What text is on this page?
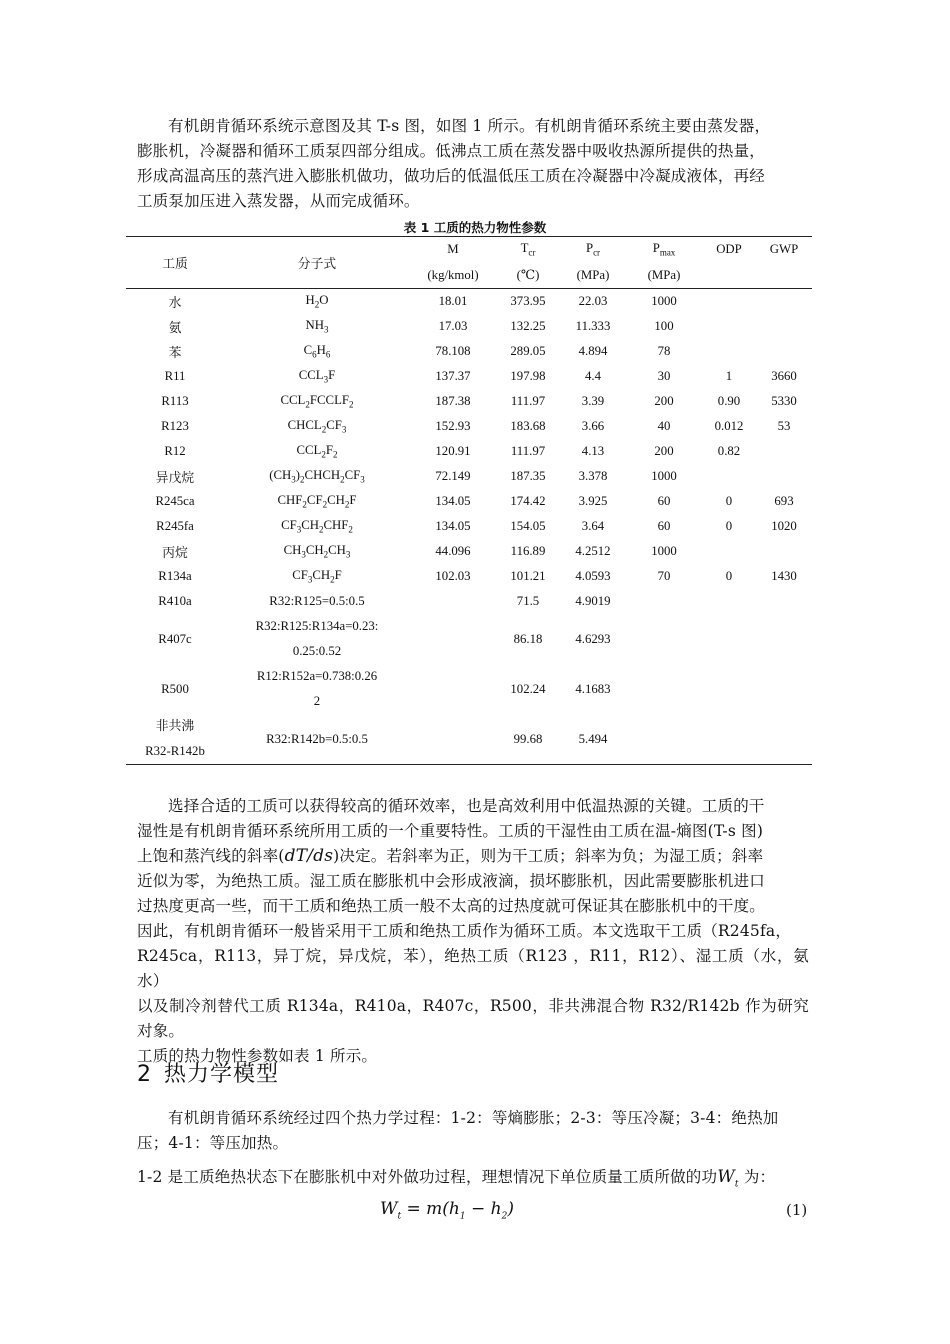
有机朗肯循环系统示意图及其 T-s 图，如图 1 所示。有机朗肯循环系统主要由蒸发器，
膨胀机，冷凝器和循环工质泵四部分组成。低沸点工质在蒸发器中吸收热源所提供的热量，
形成高温高压的蒸汽进入膨胀机做功，做功后的低温低压工质在冷凝器中冷凝成液体，再经
工质泵加压进入蒸发器，从而完成循环。

表 1 工质的热力物性参数
工质	分子式	M	$T_{cr}$	$P_{cr}$	$P_{max}$	ODP	GWP
		(kg/kmol)	(℃)	(MPa)	(MPa)		
水	$H_2O$	18.01	373.95	22.03	1000		
氨	$NH_3$	17.03	132.25	11.333	100		
苯	$C_6H_6$	78.108	289.05	4.894	78		
R11	$CCL_3F$	137.37	197.98	4.4	30	1	3660
R113	$CCL_2FCCLF_2$	187.38	111.97	3.39	200	0.90	5330
R123	$CHCL_2CF_3$	152.93	183.68	3.66	40	0.012	53
R12	$CCL_2F_2$	120.91	111.97	4.13	200	0.82	
异戊烷	$(CH_3)_2CHCH_2CF_3$	72.149	187.35	3.378	1000		
R245ca	$CHF_2CF_2CH_2F$	134.05	174.42	3.925	60	0	693
R245fa	$CF_3CH_2CHF_2$	134.05	154.05	3.64	60	0	1020
丙烷	$CH_3CH_2CH_3$	44.096	116.89	4.2512	1000		
R134a	$CF_3CH_2F$	102.03	101.21	4.0593	70	0	1430
R410a	R32:R125=0.5:0.5		71.5	4.9019			
R407c	R32:R125:R134a=0.23:
0.25:0.52		86.18	4.6293			
R500	R12:R152a=0.738:0.26
2		102.24	4.1683			
非共沸
R32-R142b	R32:R142b=0.5:0.5		99.68	5.494			

选择合适的工质可以获得较高的循环效率，也是高效利用中低温热源的关键。工质的干
湿性是有机朗肯循环系统所用工质的一个重要特性。工质的干湿性由工质在温-熵图(T-s 图)
上饱和蒸汽线的斜率(dT/ds)决定。若斜率为正，则为干工质；斜率为负；为湿工质；斜率
近似为零，为绝热工质。湿工质在膨胀机中会形成液滴，损坏膨胀机，因此需要膨胀机进口
过热度更高一些，而干工质和绝热工质一般不太高的过热度就可保证其在膨胀机中的干度。
因此，有机朗肯循环一般皆采用干工质和绝热工质作为循环工质。本文选取干工质（R245fa，
R245ca，R113，异丁烷，异戊烷，苯），绝热工质（R123 ，R11，R12）、湿工质（水，氨水）
以及制冷剂替代工质 R134a，R410a，R407c，R500，非共沸混合物 R32/R142b 作为研究对象。
工质的热力物性参数如表 1 所示。

2 热力学模型

有机朗肯循环系统经过四个热力学过程：1-2：等熵膨胀；2-3：等压冷凝；3-4：绝热加
压；4-1：等压加热。

1-2 是工质绝热状态下在膨胀机中对外做功过程，理想情况下单位质量工质所做的功$W_t$ 为：

$W_t = m(h_1 - h_2)$	(1)
